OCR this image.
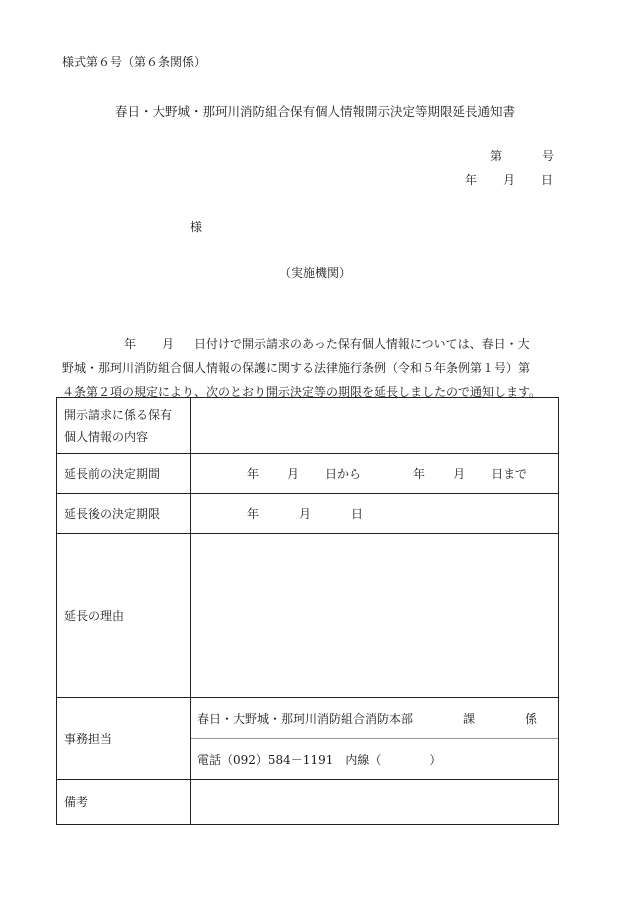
様式第６号（第６条関係）
春日・大野城・那珂川消防組合保有個人情報開示決定等期限延長通知書
第	号
年 月 日
様
（実施機関）

年 月 日付けで開示請求のあった保有個人情報については、春日・大

野城・那珂川消防組合個人情報の保護に関する法律施行条例（令和５年条例第１号）第

４条第２項の規定により、次のとおり開示決定等の期限を延長しましたので通知します。

開示請求に係る保有
個人情報の内容	

延長前の決定期間	年 月 日から 年 月 日まで

延長後の決定期限	年 月 日

延長の理由	
事務担当	春日・大野城・那珂川消防組合消防本部 課 係
電話（092）584－1191　内線（ ）

備考	
